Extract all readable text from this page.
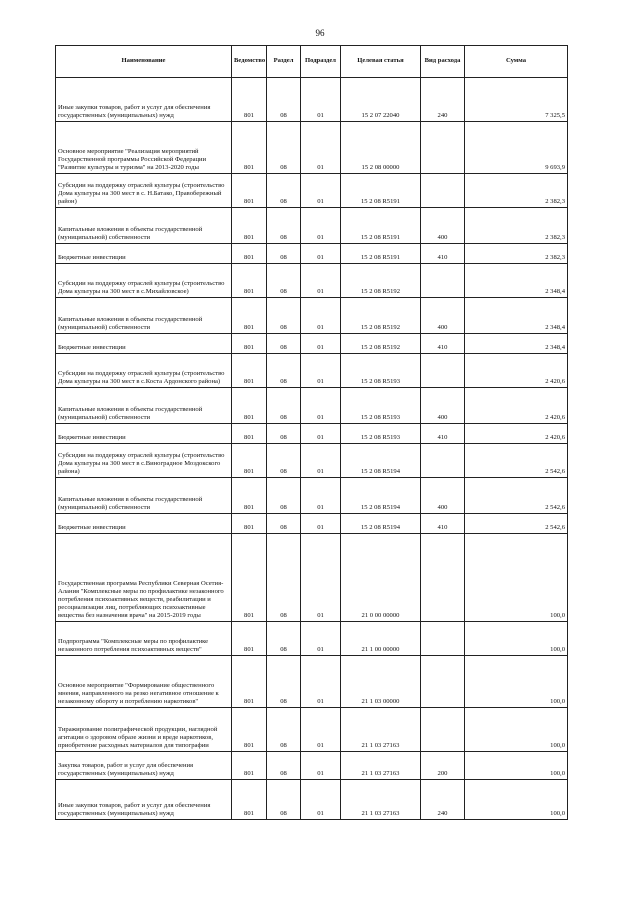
96
Наименование	Ведомство	Раздел	Подраздел	Целевая статья	Вид расхода	Сумма
Иные закупки товаров, работ и услуг для обеспечения государственных (муниципальных) нужд	801	08	01	15 2 07 22040	240	7 325,5
Основное мероприятие "Реализация мероприятий Государственной программы Российской Федерации "Развитие культуры и туризма" на 2013-2020 годы	801	08	01	15 2 08 00000		9 693,9
Субсидии на поддержку отраслей культуры (строительство Дома культуры на 300 мест в с. Н.Батако, Правобережный район)	801	08	01	15 2 08 R5191		2 382,3
Капитальные вложения в объекты государственной (муниципальной) собственности	801	08	01	15 2 08 R5191	400	2 382,3
Бюджетные инвестиции	801	08	01	15 2 08 R5191	410	2 382,3
Субсидии на поддержку отраслей культуры (строительство Дома культуры на 300 мест в с.Михайловское)	801	08	01	15 2 08 R5192		2 348,4
Капитальные вложения в объекты государственной (муниципальной) собственности	801	08	01	15 2 08 R5192	400	2 348,4
Бюджетные инвестиции	801	08	01	15 2 08 R5192	410	2 348,4
Субсидии на поддержку отраслей культуры (строительство Дома культуры на 300 мест в с.Коста Ардонского района)	801	08	01	15 2 08 R5193		2 420,6
Капитальные вложения в объекты государственной (муниципальной) собственности	801	08	01	15 2 08 R5193	400	2 420,6
Бюджетные инвестиции	801	08	01	15 2 08 R5193	410	2 420,6
Субсидии на поддержку отраслей культуры (строительство Дома культуры на 300 мест в с.Виноградное Моздокского района)	801	08	01	15 2 08 R5194		2 542,6
Капитальные вложения в объекты государственной (муниципальной) собственности	801	08	01	15 2 08 R5194	400	2 542,6
Бюджетные инвестиции	801	08	01	15 2 08 R5194	410	2 542,6
Государственная программа Республики Северная Осетия-Алания "Комплексные меры по профилактике незаконного потребления психоактивных веществ, реабилитации и ресоциализации лиц, потребляющих психоактивные вещества без назначения врача" на 2015-2019 годы	801	08	01	21 0 00 00000		100,0
Подпрограмма "Комплексные меры по профилактике незаконного потребления психоактивных веществ"	801	08	01	21 1 00 00000		100,0
Основное мероприятие "Формирование общественного мнения, направленного на резко негативное отношение к незаконному обороту и потреблению наркотиков"	801	08	01	21 1 03 00000		100,0
Тиражирование полиграфической продукции, наглядной агитации о здоровом образе жизни и вреде наркотиков, приобретение расходных материалов для типографии	801	08	01	21 1 03 27163		100,0
Закупка товаров, работ и услуг для обеспечения государственных (муниципальных) нужд	801	08	01	21 1 03 27163	200	100,0
Иные закупки товаров, работ и услуг для обеспечения государственных (муниципальных) нужд	801	08	01	21 1 03 27163	240	100,0
